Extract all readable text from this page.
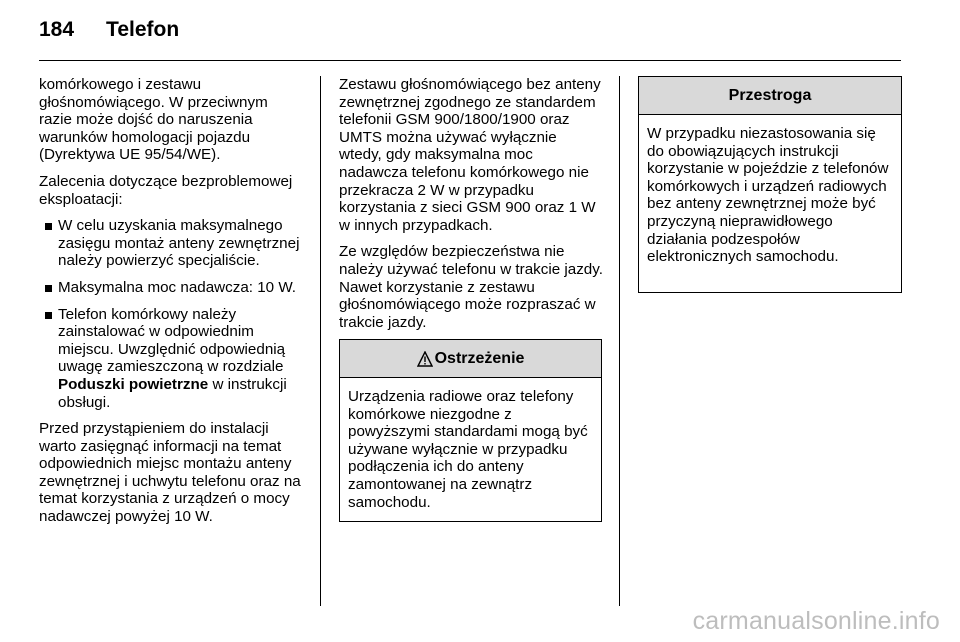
184 Telefon

komórkowego i zestawu głośnomówiącego. W przeciwnym razie może dojść do naruszenia warunków homologacji pojazdu (Dyrektywa UE 95/54/WE).

Zalecenia dotyczące bezproblemowej eksploatacji:

W celu uzyskania maksymalnego zasięgu montaż anteny zewnętrznej należy powierzyć specjaliście.
Maksymalna moc nadawcza: 10 W.
Telefon komórkowy należy zainstalować w odpowiednim miejscu. Uwzględnić odpowiednią uwagę zamieszczoną w rozdziale Poduszki powietrzne w instrukcji obsługi.

Przed przystąpieniem do instalacji warto zasięgnąć informacji na temat odpowiednich miejsc montażu anteny zewnętrznej i uchwytu telefonu oraz na temat korzystania z urządzeń o mocy nadawczej powyżej 10 W.

Zestawu głośnomówiącego bez anteny zewnętrznej zgodnego ze standardem telefonii GSM 900/1800/1900 oraz UMTS można używać wyłącznie wtedy, gdy maksymalna moc nadawcza telefonu komórkowego nie przekracza 2 W w przypadku korzystania z sieci GSM 900 oraz 1 W w innych przypadkach.

Ze względów bezpieczeństwa nie należy używać telefonu w trakcie jazdy. Nawet korzystanie z zestawu głośnomówiącego może rozpraszać w trakcie jazdy.

Ostrzeżenie
Urządzenia radiowe oraz telefony komórkowe niezgodne z powyższymi standardami mogą być używane wyłącznie w przypadku podłączenia ich do anteny zamontowanej na zewnątrz samochodu.
Przestroga
W przypadku niezastosowania się do obowiązujących instrukcji korzystanie w pojeździe z telefonów komórkowych i urządzeń radiowych bez anteny zewnętrznej może być przyczyną nieprawidłowego działania podzespołów elektronicznych samochodu.
carmanualsonline.info
